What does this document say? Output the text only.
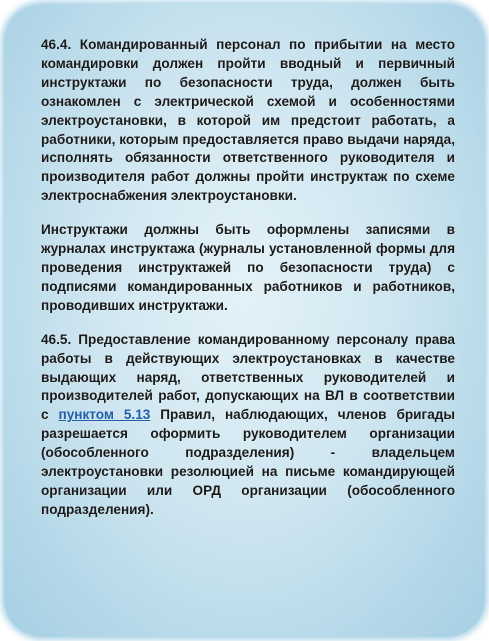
46.4. Командированный персонал по прибытии на место командировки должен пройти вводный и первичный инструктажи по безопасности труда, должен быть ознакомлен с электрической схемой и особенностями электроустановки, в которой им предстоит работать, а работники, которым предоставляется право выдачи наряда, исполнять обязанности ответственного руководителя и производителя работ должны пройти инструктаж по схеме электроснабжения электроустановки.

Инструктажи должны быть оформлены записями в журналах инструктажа (журналы установленной формы для проведения инструктажей по безопасности труда) с подписями командированных работников и работников, проводивших инструктажи.

46.5. Предоставление командированному персоналу права работы в действующих электроустановках в качестве выдающих наряд, ответственных руководителей и производителей работ, допускающих на ВЛ в соответствии с пунктом 5.13 Правил, наблюдающих, членов бригады разрешается оформить руководителем организации (обособленного подразделения) - владельцем электроустановки резолюцией на письме командирующей организации или ОРД организации (обособленного подразделения).
